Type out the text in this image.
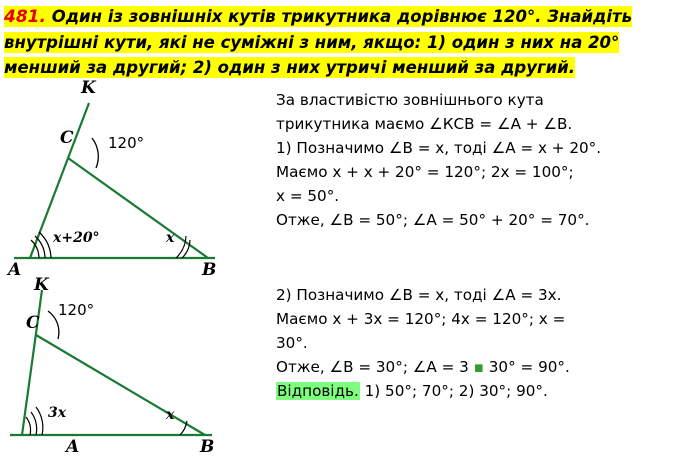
481. Один із зовнішніх кутів трикутника дорівнює 120°. Знайдіть
внутрішні кути, які не суміжні з ним, якщо: 1) один з них на 20°
менший за другий; 2) один з них утричі менший за другий.
K
C
A	B
120°
x+20°	x
K
C
A	B
120°
3x	x
За властивістю зовнішнього кута
трикутника маємо ∠КСВ = ∠А + ∠В.
1) Позначимо ∠В = х, тоді ∠А = х + 20°.
Маємо х + х + 20° = 120°; 2х = 100°;
х = 50°.
Отже, ∠В = 50°; ∠А = 50° + 20° = 70°.
2) Позначимо ∠В = х, тоді ∠А = 3х.
Маємо х + 3х = 120°; 4х = 120°; х =
30°.
Отже, ∠В = 30°; ∠А = 3 ▪ 30° = 90°.
Відповідь. 1) 50°; 70°; 2) 30°; 90°.
